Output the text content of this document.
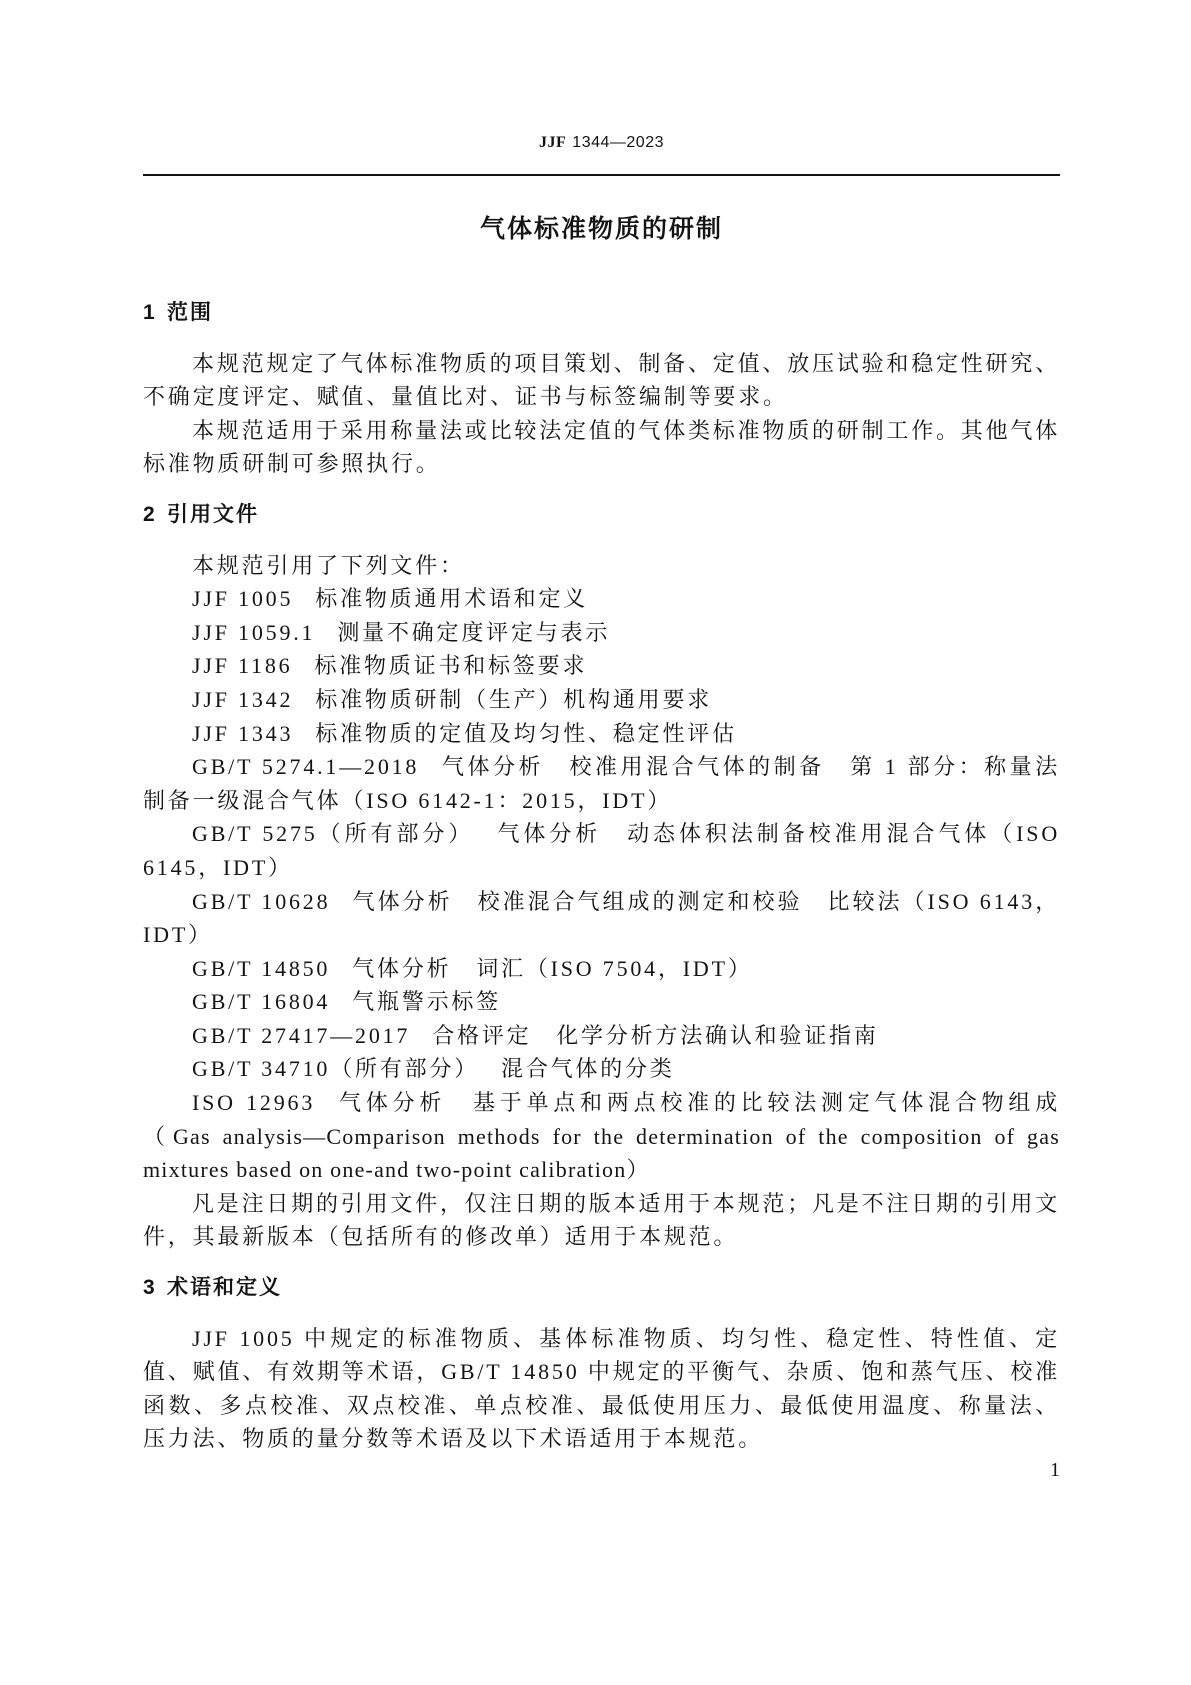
JJF 1344—2023
气体标准物质的研制
1 范围

本规范规定了气体标准物质的项目策划、制备、定值、放压试验和稳定性研究、不确定度评定、赋值、量值比对、证书与标签编制等要求。

本规范适用于采用称量法或比较法定值的气体类标准物质的研制工作。其他气体标准物质研制可参照执行。

2 引用文件

本规范引用了下列文件：

JJF 1005 标准物质通用术语和定义

JJF 1059.1 测量不确定度评定与表示

JJF 1186 标准物质证书和标签要求

JJF 1342 标准物质研制（生产）机构通用要求

JJF 1343 标准物质的定值及均匀性、稳定性评估

GB/T 5274.1—2018 气体分析　校准用混合气体的制备　第 1 部分：称量法制备一级混合气体（ISO 6142-1：2015，IDT）

GB/T 5275（所有部分） 气体分析　动态体积法制备校准用混合气体（ISO 6145，IDT）

GB/T 10628 气体分析　校准混合气组成的测定和校验　比较法（ISO 6143，IDT）

GB/T 14850 气体分析　词汇（ISO 7504，IDT）

GB/T 16804 气瓶警示标签

GB/T 27417—2017 合格评定　化学分析方法确认和验证指南

GB/T 34710（所有部分） 混合气体的分类

ISO 12963 气体分析　基于单点和两点校准的比较法测定气体混合物组成（Gas analysis—Comparison methods for the determination of the composition of gas mixtures based on one-and two-point calibration）

凡是注日期的引用文件，仅注日期的版本适用于本规范；凡是不注日期的引用文件，其最新版本（包括所有的修改单）适用于本规范。

3 术语和定义

JJF 1005 中规定的标准物质、基体标准物质、均匀性、稳定性、特性值、定值、赋值、有效期等术语，GB/T 14850 中规定的平衡气、杂质、饱和蒸气压、校准函数、多点校准、双点校准、单点校准、最低使用压力、最低使用温度、称量法、压力法、物质的量分数等术语及以下术语适用于本规范。

1
